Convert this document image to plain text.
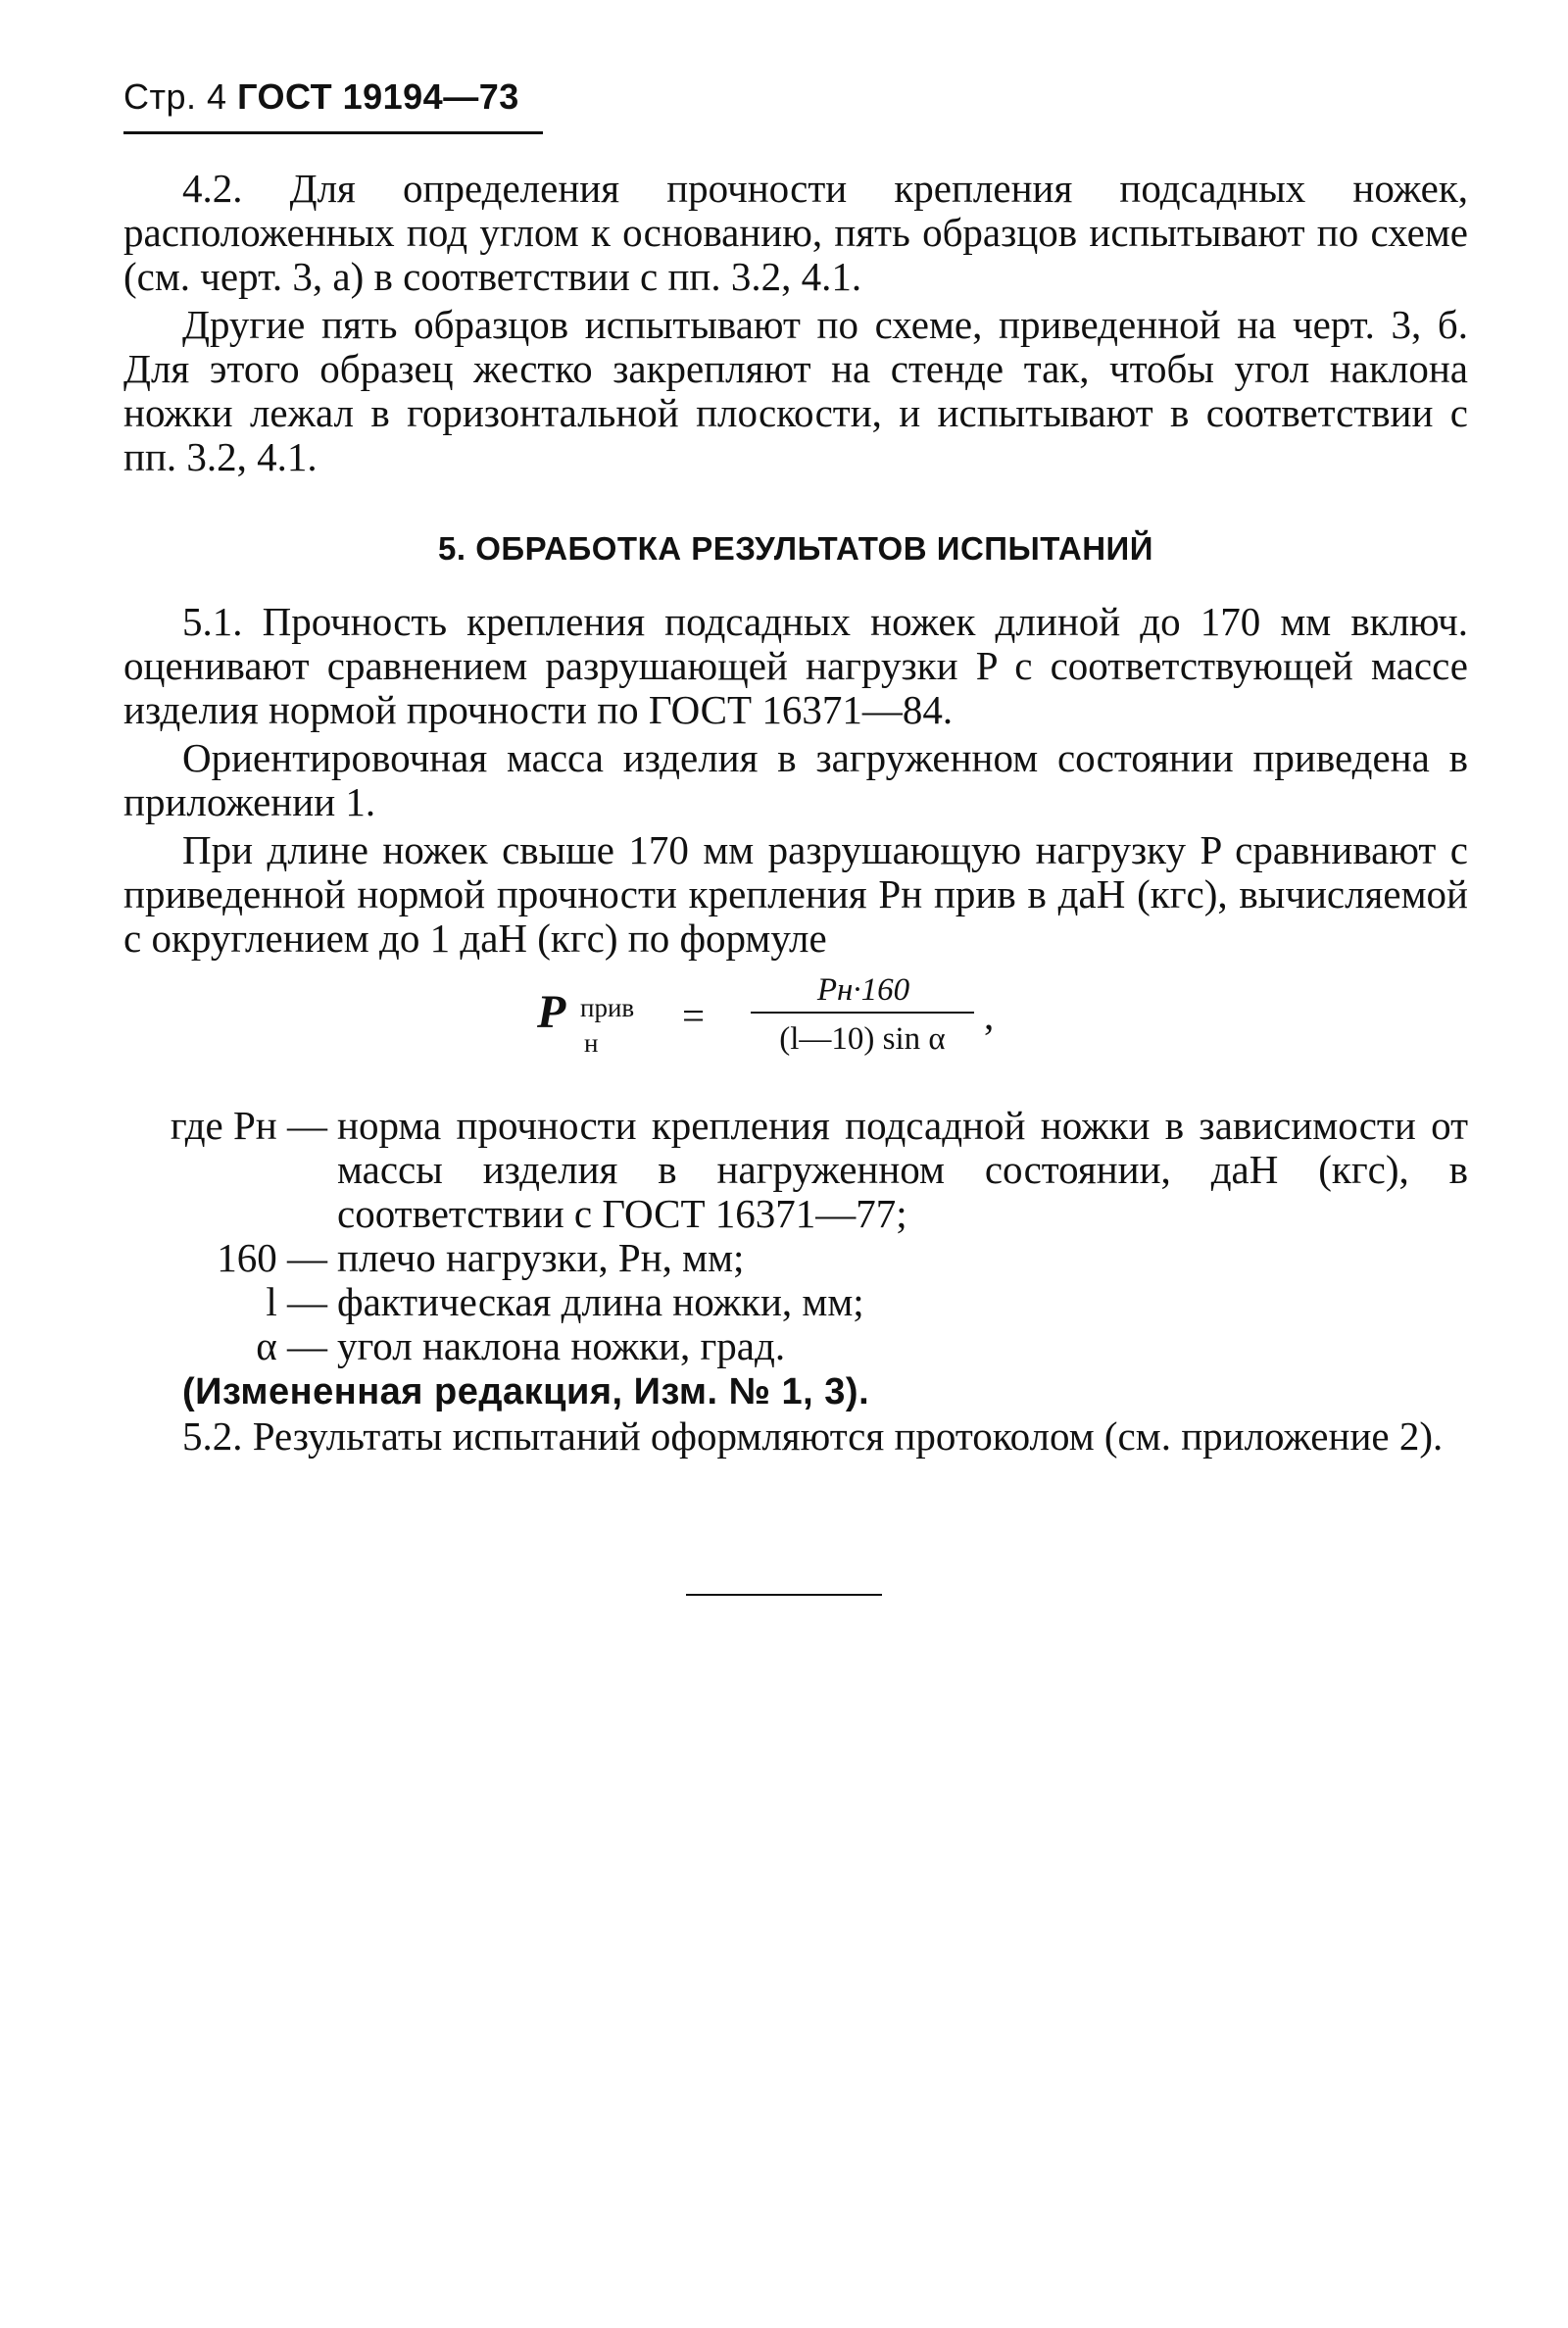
Стр. 4 ГОСТ 19194—73

4.2. Для определения прочности крепления подсадных ножек, расположенных под углом к основанию, пять образцов испытывают по схеме (см. черт. 3, а) в соответствии с пп. 3.2, 4.1.

Другие пять образцов испытывают по схеме, приведенной на черт. 3, б. Для этого образец жестко закрепляют на стенде так, чтобы угол наклона ножки лежал в горизонтальной плоскости, и испытывают в соответствии с пп. 3.2, 4.1.

5. ОБРАБОТКА РЕЗУЛЬТАТОВ ИСПЫТАНИЙ

5.1. Прочность крепления подсадных ножек длиной до 170 мм включ. оценивают сравнением разрушающей нагрузки P с соответствующей массе изделия нормой прочности по ГОСТ 16371—84.

Ориентировочная масса изделия в загруженном состоянии приведена в приложении 1.

При длине ножек свыше 170 мм разрушающую нагрузку P сравнивают с приведенной нормой прочности крепления Pн прив в даН (кгс), вычисляемой с округлением до 1 даН (кгс) по формуле

P прив
н
=
Pн·160
(l—10) sin α
,
где Pн — норма прочности крепления подсадной ножки в зависимости от массы изделия в нагруженном состоянии, даН (кгс), в соответствии с ГОСТ 16371—77;
160 — плечо нагрузки, Pн, мм;
l — фактическая длина ножки, мм;
α — угол наклона ножки, град.
(Измененная редакция, Изм. № 1, 3).

5.2. Результаты испытаний оформляются протоколом (см. приложение 2).
